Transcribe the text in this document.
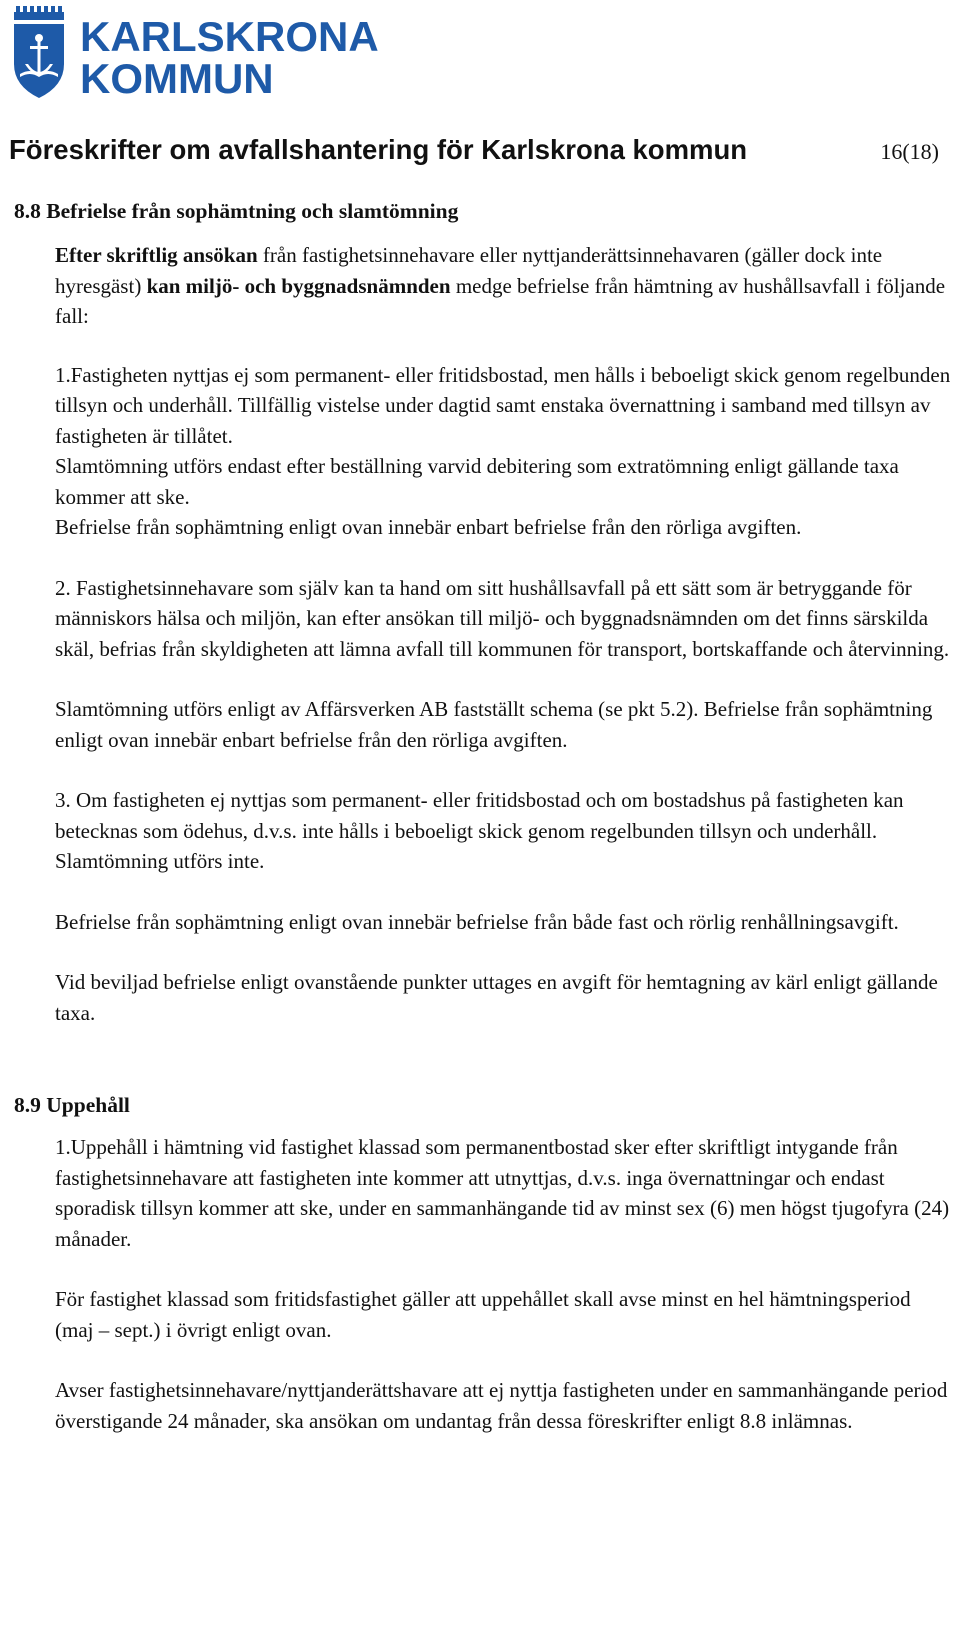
KARLSKRONA
KOMMUN
Föreskrifter om avfallshantering för Karlskrona kommun	16(18)

8.8 Befrielse från sophämtning och slamtömning

Efter skriftlig ansökan från fastighetsinnehavare eller nyttjanderättsinnehavaren (gäller dock inte hyresgäst) kan miljö- och byggnadsnämnden medge befrielse från hämtning av hushållsavfall i följande fall:

1.Fastigheten nyttjas ej som permanent- eller fritidsbostad, men hålls i beboeligt skick genom regelbunden tillsyn och underhåll. Tillfällig vistelse under dagtid samt enstaka övernattning i samband med tillsyn av fastigheten är tillåtet.

Slamtömning utförs endast efter beställning varvid debitering som extratömning enligt gällande taxa kommer att ske.

Befrielse från sophämtning enligt ovan innebär enbart befrielse från den rörliga avgiften.

2. Fastighetsinnehavare som själv kan ta hand om sitt hushållsavfall på ett sätt som är betryggande för människors hälsa och miljön, kan efter ansökan till miljö- och byggnadsnämnden om det finns särskilda skäl, befrias från skyldigheten att lämna avfall till kommunen för transport, bortskaffande och återvinning.

Slamtömning utförs enligt av Affärsverken AB fastställt schema (se pkt 5.2). Befrielse från sophämtning enligt ovan innebär enbart befrielse från den rörliga avgiften.

3. Om fastigheten ej nyttjas som permanent- eller fritidsbostad och om bostadshus på fastigheten kan betecknas som ödehus, d.v.s. inte hålls i beboeligt skick genom regelbunden tillsyn och underhåll. Slamtömning utförs inte.

Befrielse från sophämtning enligt ovan innebär befrielse från både fast och rörlig renhållningsavgift.

Vid beviljad befrielse enligt ovanstående punkter uttages en avgift för hemtagning av kärl enligt gällande taxa.

8.9 Uppehåll

1.Uppehåll i hämtning vid fastighet klassad som permanentbostad sker efter skriftligt intygande från fastighetsinnehavare att fastigheten inte kommer att utnyttjas, d.v.s. inga övernattningar och endast sporadisk tillsyn kommer att ske, under en sammanhängande tid av minst sex (6) men högst tjugofyra (24) månader.

För fastighet klassad som fritidsfastighet gäller att uppehållet skall avse minst en hel hämtningsperiod (maj – sept.) i övrigt enligt ovan.

Avser fastighetsinnehavare/nyttjanderättshavare att ej nyttja fastigheten under en sammanhängande period överstigande 24 månader, ska ansökan om undantag från dessa föreskrifter enligt 8.8 inlämnas.
